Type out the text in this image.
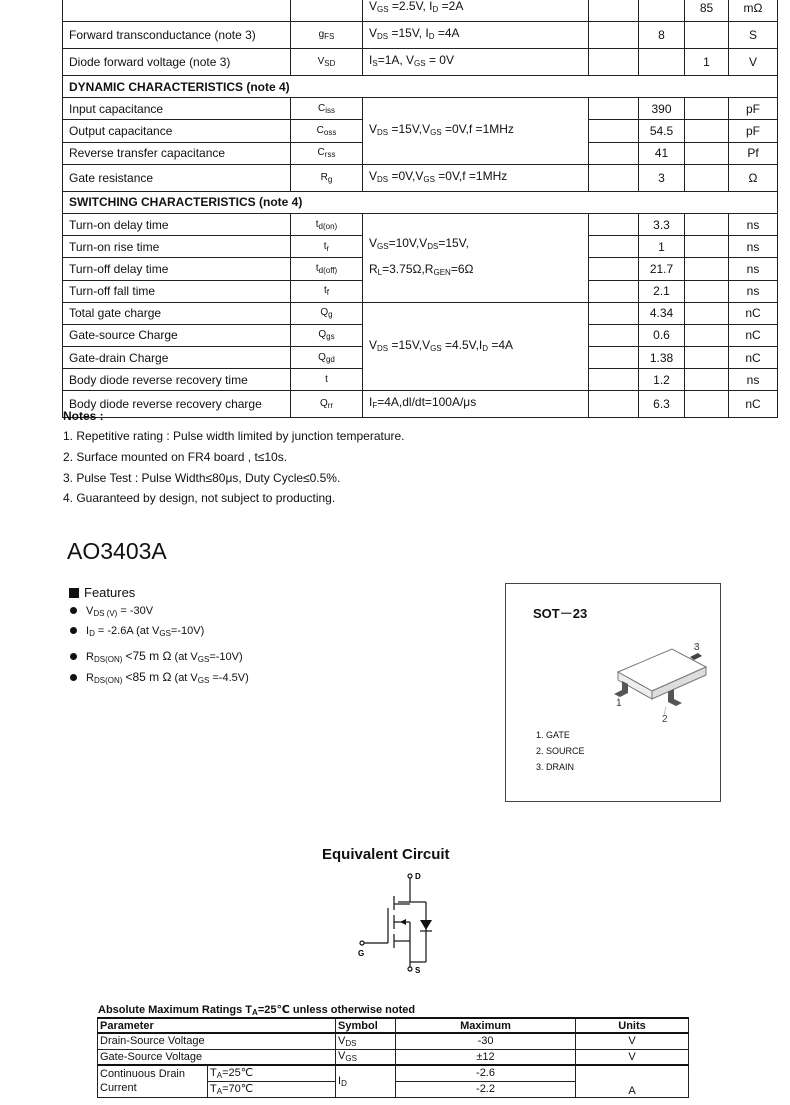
		$V_{GS} =2.5V$, $I_D =2A$			85	mΩ
Forward transconductance (note 3)	$g_{FS}$	$V_{DS} =15V$, $I_D =4A$		8		S
Diode forward voltage (note 3)	$V_{SD}$	$I_S=1A$, $V_{GS} = 0V$			1	V
DYNAMIC CHARACTERISTICS (note 4)						
Input capacitance	$C_{iss}$	$V_{DS} =15V,V_{GS} =0V,f =1MHz$		390		pF
Output capacitance	$C_{oss}$			54.5		pF
Reverse transfer capacitance	$C_{rss}$			41		Pf
Gate resistance	$R_g$	$V_{DS} =0V,V_{GS} =0V,f =1MHz$		3		Ω
SWITCHING CHARACTERISTICS (note 4)						
Turn-on delay time	$t_{d(on)}$	$V_{GS}=10V,V_{DS}=15V$,
$R_L=3.75\Omega,R_{GEN}=6\Omega$		3.3		ns
Turn-on rise time	$t_r$			1		ns
Turn-off delay time	$t_{d(off)}$			21.7		ns
Turn-off fall time	$t_f$			2.1		ns
Total gate charge	$Q_g$	$V_{DS} =15V,V_{GS} =4.5V,I_D =4A$		4.34		nC
Gate-source Charge	$Q_{gs}$			0.6		nC
Gate-drain Charge	$Q_{gd}$			1.38		nC
Body diode reverse recovery time	t			1.2		ns
Body diode reverse recovery charge	$Q_{rr}$	$I_F=4A,dl/dt=100A/\mu s$		6.3		nC
Notes :
1. Repetitive rating : Pulse width limited by junction temperature.
2. Surface mounted on FR4 board , t≤10s.
3. Pulse Test : Pulse Width≤80μs, Duty Cycle≤0.5%.
4. Guaranteed by design, not subject to producting.
AO3403A
Features
$V_{DS (V)} = -30V$
$I_D = -2.6A$ (at $V_{GS}=-10V$)
$R_{DS(ON)} <75$ m Ω (at $V_{GS}=-10V$)
$R_{DS(ON)} <85$ m Ω (at $V_{GS} =-4.5V$)
SOT－23
3
1
2
1. GATE
2. SOURCE
3. DRAIN
Equivalent Circuit
D
G
S
Absolute Maximum Ratings $T_A=25℃$ unless otherwise noted
Parameter		Symbol	Maximum	Units
Drain-Source Voltage		$V_{DS}$	-30	V
Gate-Source Voltage		$V_{GS}$	±12	V
Continuous Drain Current	$T_A=25℃$	$I_D$	-2.6	A
	$T_A=70℃$		-2.2	
